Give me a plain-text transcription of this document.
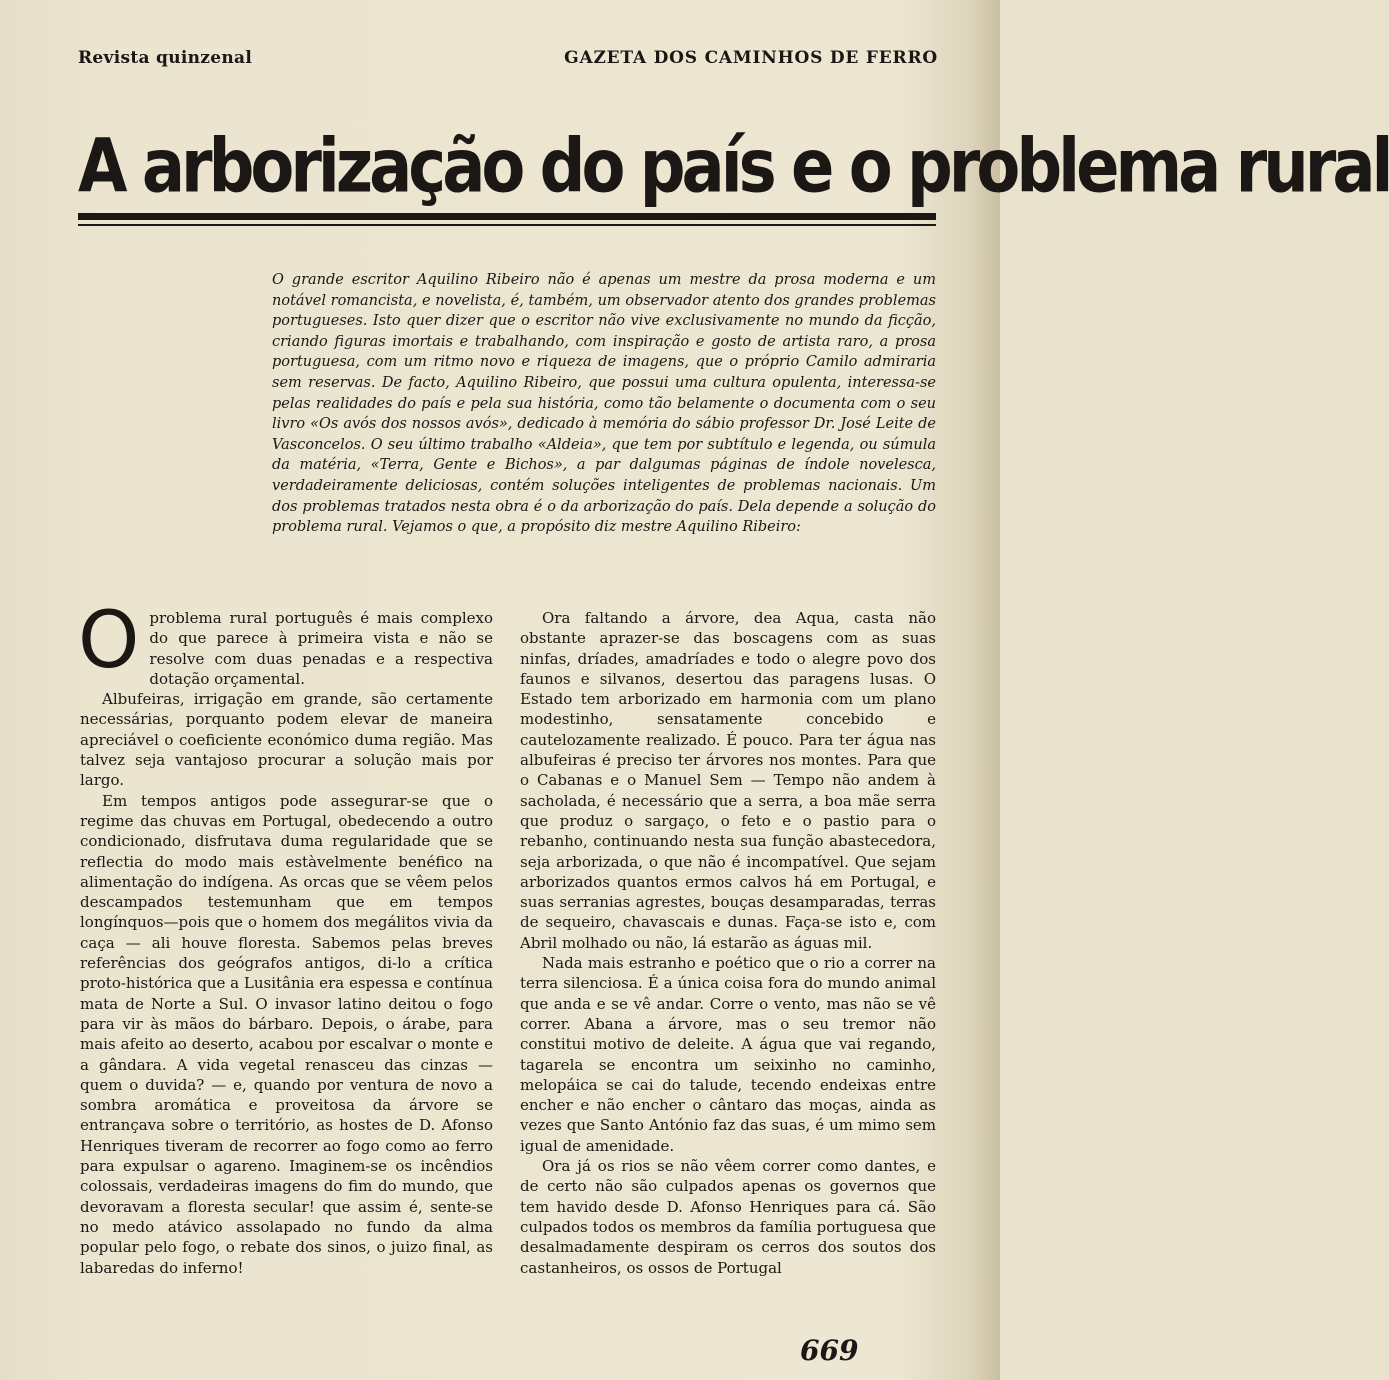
Revista quinzenal	GAZETA DOS CAMINHOS DE FERRO
A arborização do país e o problema rural
O grande escritor Aquilino Ribeiro não é apenas um mestre da prosa moderna e um notável romancista, e novelista, é, também, um observador atento dos grandes problemas portugueses. Isto quer dizer que o escritor não vive exclusivamente no mundo da ficção, criando figuras imortais e trabalhando, com inspiração e gosto de artista raro, a prosa portuguesa, com um ritmo novo e riqueza de imagens, que o próprio Camilo admiraria sem reservas. De facto, Aquilino Ribeiro, que possui uma cultura opulenta, interessa-se pelas realidades do país e pela sua história, como tão belamente o documenta com o seu livro «Os avós dos nossos avós», dedicado à memória do sábio professor Dr. José Leite de Vasconcelos. O seu último trabalho «Aldeia», que tem por subtítulo e legenda, ou súmula da matéria, «Terra, Gente e Bichos», a par dalgumas páginas de índole novelesca, verdadeiramente deliciosas, contém soluções inteligentes de problemas nacionais. Um dos problemas tratados nesta obra é o da arborização do país. Dela depende a solução do problema rural. Vejamos o que, a propósito diz mestre Aquilino Ribeiro:

Oproblema rural português é mais complexo do que parece à primeira vista e não se resolve com duas penadas e a respectiva dotação orçamental.

Albufeiras, irrigação em grande, são certamente necessárias, porquanto podem elevar de maneira apreciável o coeficiente económico duma região. Mas talvez seja vantajoso procurar a solução mais por largo.

Em tempos antigos pode assegurar-se que o regime das chuvas em Portugal, obedecendo a outro condicionado, disfrutava duma regularidade que se reflectia do modo mais estàvelmente benéfico na alimentação do indígena. As orcas que se vêem pelos descampados testemunham que em tempos longínquos—pois que o homem dos megálitos vivia da caça — ali houve floresta. Sabemos pelas breves referências dos geógrafos antigos, di-lo a crítica proto-histórica que a Lusitânia era espessa e contínua mata de Norte a Sul. O invasor latino deitou o fogo para vir às mãos do bárbaro. Depois, o árabe, para mais afeito ao deserto, acabou por escalvar o monte e a gândara. A vida vegetal renasceu das cinzas — quem o duvida? — e, quando por ventura de novo a sombra aromática e proveitosa da árvore se entrançava sobre o território, as hostes de D. Afonso Henriques tiveram de recorrer ao fogo como ao ferro para expulsar o agareno. Imaginem-se os incêndios colossais, verdadeiras imagens do fim do mundo, que devoravam a floresta secular! que assim é, sente-se no medo atávico assolapado no fundo da alma popular pelo fogo, o rebate dos sinos, o juizo final, as labaredas do inferno!

Ora faltando a árvore, dea Aqua, casta não obstante aprazer-se das boscagens com as suas ninfas, dríades, amadríades e todo o alegre povo dos faunos e silvanos, desertou das paragens lusas. O Estado tem arborizado em harmonia com um plano modestinho, sensatamente concebido e cautelozamente realizado. É pouco. Para ter água nas albufeiras é preciso ter árvores nos montes. Para que o Cabanas e o Manuel Sem — Tempo não andem à sacholada, é necessário que a serra, a boa mãe serra que produz o sargaço, o feto e o pastio para o rebanho, continuando nesta sua função abastecedora, seja arborizada, o que não é incompatível. Que sejam arborizados quantos ermos calvos há em Portugal, e suas serranias agrestes, bouças desamparadas, terras de sequeiro, chavascais e dunas. Faça-se isto e, com Abril molhado ou não, lá estarão as águas mil.

Nada mais estranho e poético que o rio a correr na terra silenciosa. É a única coisa fora do mundo animal que anda e se vê andar. Corre o vento, mas não se vê correr. Abana a árvore, mas o seu tremor não constitui motivo de deleite. A água que vai regando, tagarela se encontra um seixinho no caminho, melopáica se cai do talude, tecendo endeixas entre encher e não encher o cântaro das moças, ainda as vezes que Santo António faz das suas, é um mimo sem igual de amenidade.

Ora já os rios se não vêem correr como dantes, e de certo não são culpados apenas os governos que tem havido desde D. Afonso Henriques para cá. São culpados todos os membros da família portuguesa que desalmadamente despiram os cerros dos soutos dos castanheiros, os ossos de Portugal

669
